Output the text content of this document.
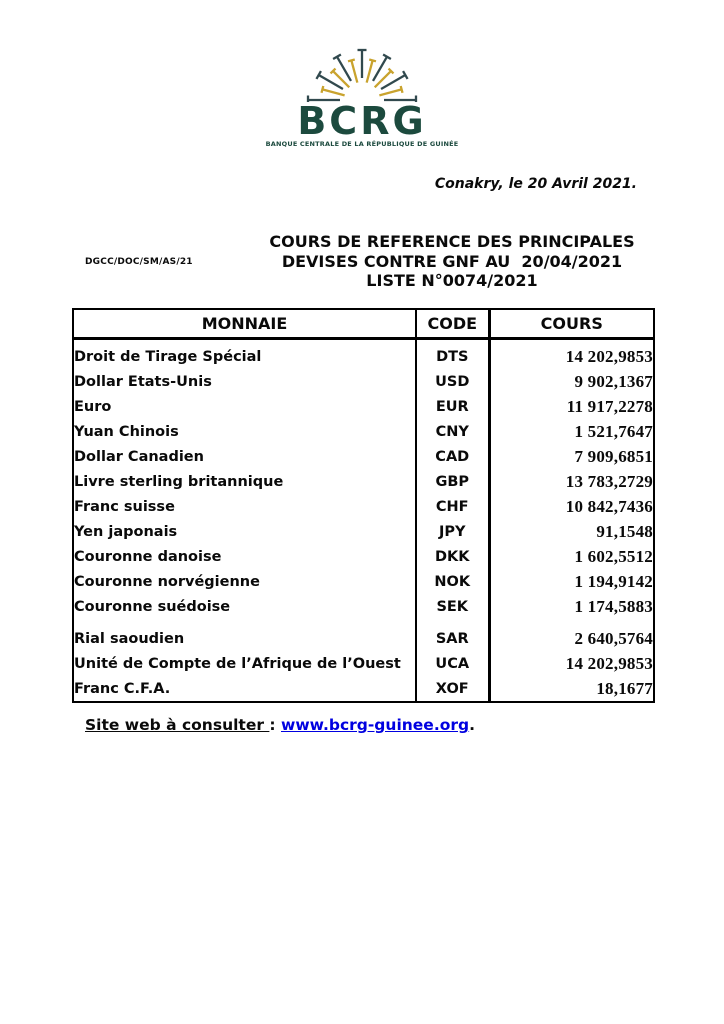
BCRG
BANQUE CENTRALE DE LA RÉPUBLIQUE DE GUINÉE
Conakry, le 20 Avril 2021.
DGCC/DOC/SM/AS/21
COURS DE REFERENCE DES PRINCIPALES
DEVISES CONTRE GNF AU  20/04/2021
LISTE N°0074/2021
MONNAIE	CODE	COURS
Droit de Tirage Spécial	DTS	14 202,9853
Dollar Etats-Unis	USD	9 902,1367
Euro	EUR	11 917,2278
Yuan Chinois	CNY	1 521,7647
Dollar Canadien	CAD	7 909,6851
Livre sterling britannique	GBP	13 783,2729
Franc suisse	CHF	10 842,7436
Yen japonais	JPY	91,1548
Couronne danoise	DKK	1 602,5512
Couronne norvégienne	NOK	1 194,9142
Couronne suédoise	SEK	1 174,5883
Rial saoudien	SAR	2 640,5764
Unité de Compte de l’Afrique de l’Ouest	UCA	14 202,9853
Franc C.F.A.	XOF	18,1677
Site web à consulter : www.bcrg-guinee.org.
